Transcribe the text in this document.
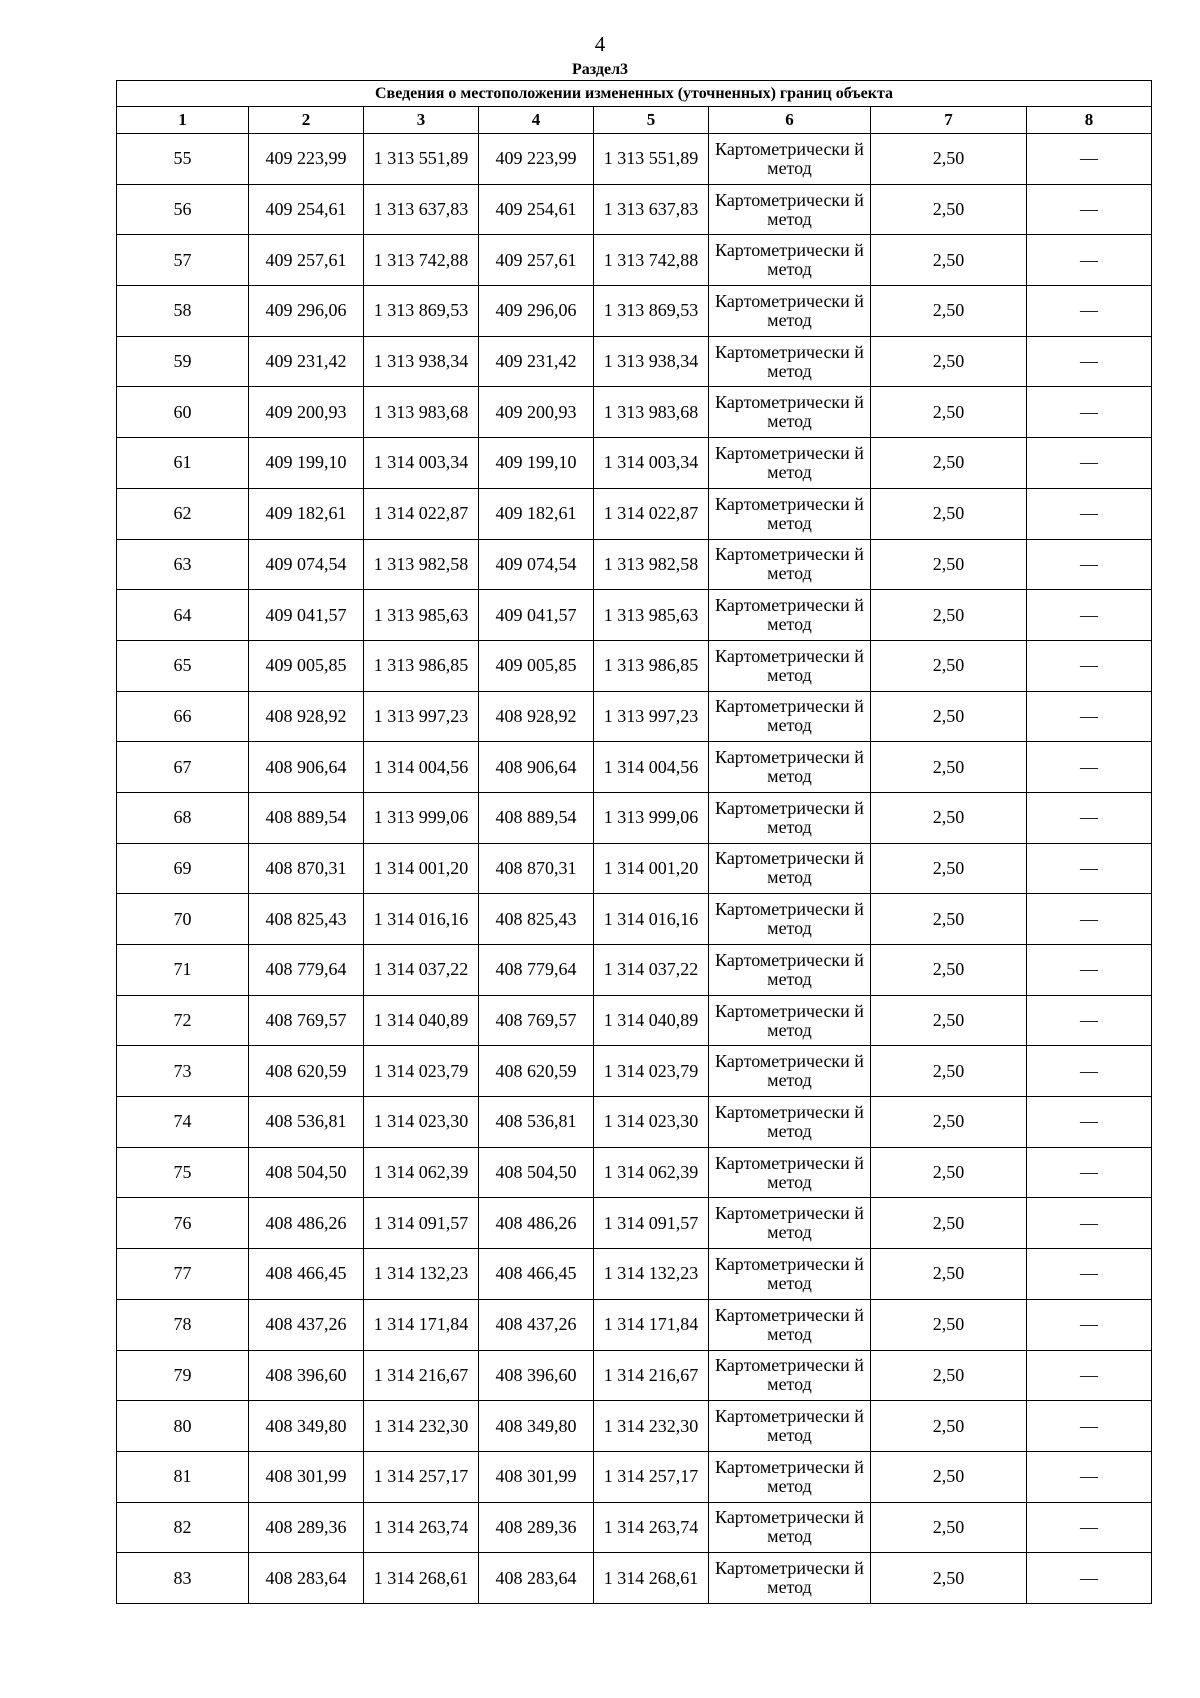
4
Раздел3
Сведения о местоположении измененных (уточненных) границ объекта							
1	2	3	4	5	6	7	8
55	409 223,99	1 313 551,89	409 223,99	1 313 551,89	Картометрически й метод	2,50	—
56	409 254,61	1 313 637,83	409 254,61	1 313 637,83	Картометрически й метод	2,50	—
57	409 257,61	1 313 742,88	409 257,61	1 313 742,88	Картометрически й метод	2,50	—
58	409 296,06	1 313 869,53	409 296,06	1 313 869,53	Картометрически й метод	2,50	—
59	409 231,42	1 313 938,34	409 231,42	1 313 938,34	Картометрически й метод	2,50	—
60	409 200,93	1 313 983,68	409 200,93	1 313 983,68	Картометрически й метод	2,50	—
61	409 199,10	1 314 003,34	409 199,10	1 314 003,34	Картометрически й метод	2,50	—
62	409 182,61	1 314 022,87	409 182,61	1 314 022,87	Картометрически й метод	2,50	—
63	409 074,54	1 313 982,58	409 074,54	1 313 982,58	Картометрически й метод	2,50	—
64	409 041,57	1 313 985,63	409 041,57	1 313 985,63	Картометрически й метод	2,50	—
65	409 005,85	1 313 986,85	409 005,85	1 313 986,85	Картометрически й метод	2,50	—
66	408 928,92	1 313 997,23	408 928,92	1 313 997,23	Картометрически й метод	2,50	—
67	408 906,64	1 314 004,56	408 906,64	1 314 004,56	Картометрически й метод	2,50	—
68	408 889,54	1 313 999,06	408 889,54	1 313 999,06	Картометрически й метод	2,50	—
69	408 870,31	1 314 001,20	408 870,31	1 314 001,20	Картометрически й метод	2,50	—
70	408 825,43	1 314 016,16	408 825,43	1 314 016,16	Картометрически й метод	2,50	—
71	408 779,64	1 314 037,22	408 779,64	1 314 037,22	Картометрически й метод	2,50	—
72	408 769,57	1 314 040,89	408 769,57	1 314 040,89	Картометрически й метод	2,50	—
73	408 620,59	1 314 023,79	408 620,59	1 314 023,79	Картометрически й метод	2,50	—
74	408 536,81	1 314 023,30	408 536,81	1 314 023,30	Картометрически й метод	2,50	—
75	408 504,50	1 314 062,39	408 504,50	1 314 062,39	Картометрически й метод	2,50	—
76	408 486,26	1 314 091,57	408 486,26	1 314 091,57	Картометрически й метод	2,50	—
77	408 466,45	1 314 132,23	408 466,45	1 314 132,23	Картометрически й метод	2,50	—
78	408 437,26	1 314 171,84	408 437,26	1 314 171,84	Картометрически й метод	2,50	—
79	408 396,60	1 314 216,67	408 396,60	1 314 216,67	Картометрически й метод	2,50	—
80	408 349,80	1 314 232,30	408 349,80	1 314 232,30	Картометрически й метод	2,50	—
81	408 301,99	1 314 257,17	408 301,99	1 314 257,17	Картометрически й метод	2,50	—
82	408 289,36	1 314 263,74	408 289,36	1 314 263,74	Картометрически й метод	2,50	—
83	408 283,64	1 314 268,61	408 283,64	1 314 268,61	Картометрически й метод	2,50	—
